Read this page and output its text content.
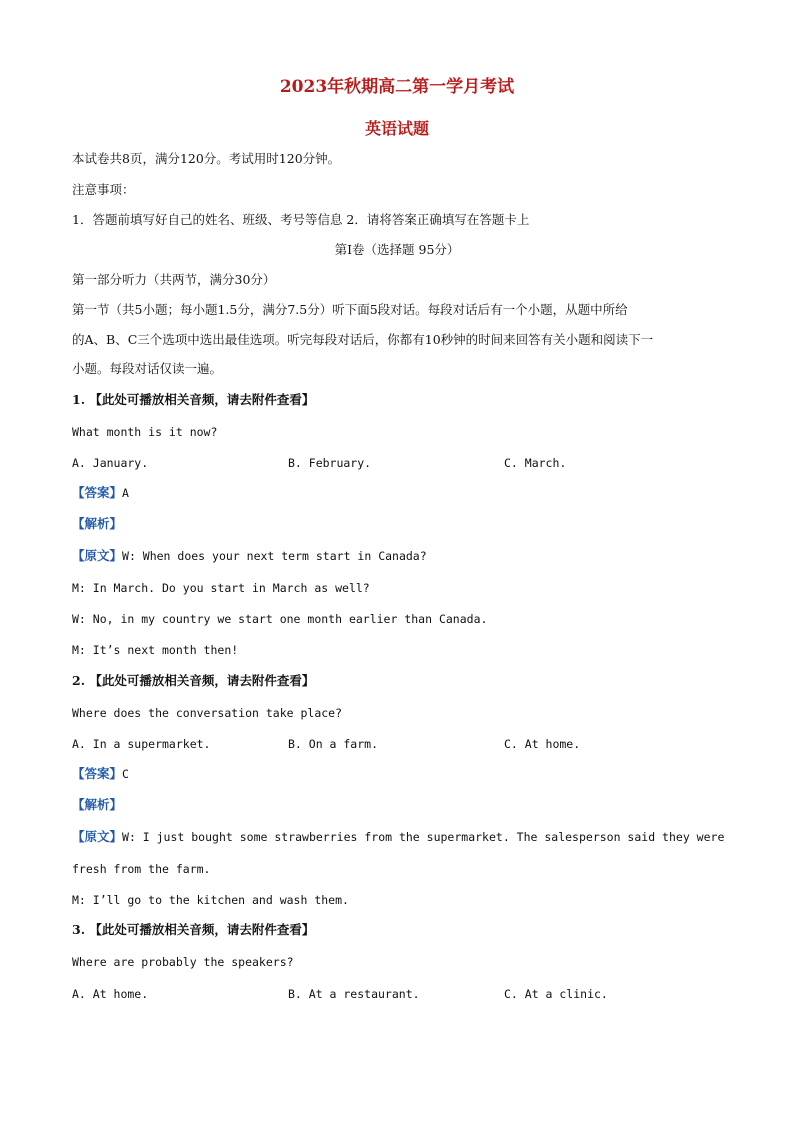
2023年秋期高二第一学月考试
英语试题
本试卷共8页，满分120分。考试用时120分钟。
注意事项：
1．答题前填写好自己的姓名、班级、考号等信息 2．请将答案正确填写在答题卡上
第I卷（选择题 95分）
第一部分听力（共两节，满分30分）
第一节（共5小题；每小题1.5分，满分7.5分）听下面5段对话。每段对话后有一个小题，从题中所给
的A、B、C三个选项中选出最佳选项。听完每段对话后，你都有10秒钟的时间来回答有关小题和阅读下一
小题。每段对话仅读一遍。
1. 【此处可播放相关音频，请去附件查看】
What month is it now?
A. January.	B. February.	C. March.
【答案】A
【解析】
【原文】W: When does your next term start in Canada?
M: In March. Do you start in March as well?
W: No, in my country we start one month earlier than Canada.
M: It’s next month then!
2. 【此处可播放相关音频，请去附件查看】
Where does the conversation take place?
A. In a supermarket.	B. On a farm.	C. At home.
【答案】C
【解析】
【原文】W: I just bought some strawberries from the supermarket. The salesperson said they were
fresh from the farm.
M: I’ll go to the kitchen and wash them.
3. 【此处可播放相关音频，请去附件查看】
Where are probably the speakers?
A. At home.	B. At a restaurant.	C. At a clinic.
